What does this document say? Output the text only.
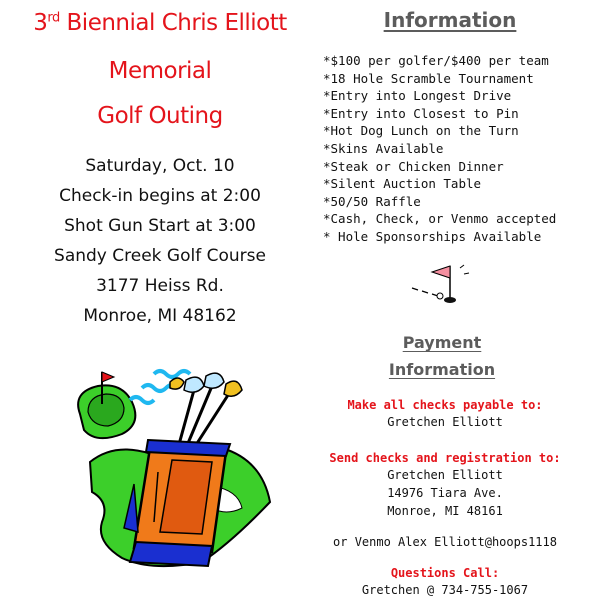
3rd Biennial Chris Elliott
Memorial
Golf Outing
Saturday, Oct. 10
Check-in begins at 2:00
Shot Gun Start at 3:00
Sandy Creek Golf Course
3177 Heiss Rd.
Monroe, MI 48162
Information
*$100 per golfer/$400 per team
*18 Hole Scramble Tournament
*Entry into Longest Drive
*Entry into Closest to Pin
*Hot Dog Lunch on the Turn
*Skins Available
*Steak or Chicken Dinner
*Silent Auction Table
*50/50 Raffle
*Cash, Check, or Venmo accepted
* Hole Sponsorships Available
Payment
Information
Make all checks payable to:
Gretchen Elliott
Send checks and registration to:
Gretchen Elliott
14976 Tiara Ave.
Monroe, MI 48161
or Venmo Alex Elliott@hoops1118
Questions Call:
Gretchen @ 734-755-1067
